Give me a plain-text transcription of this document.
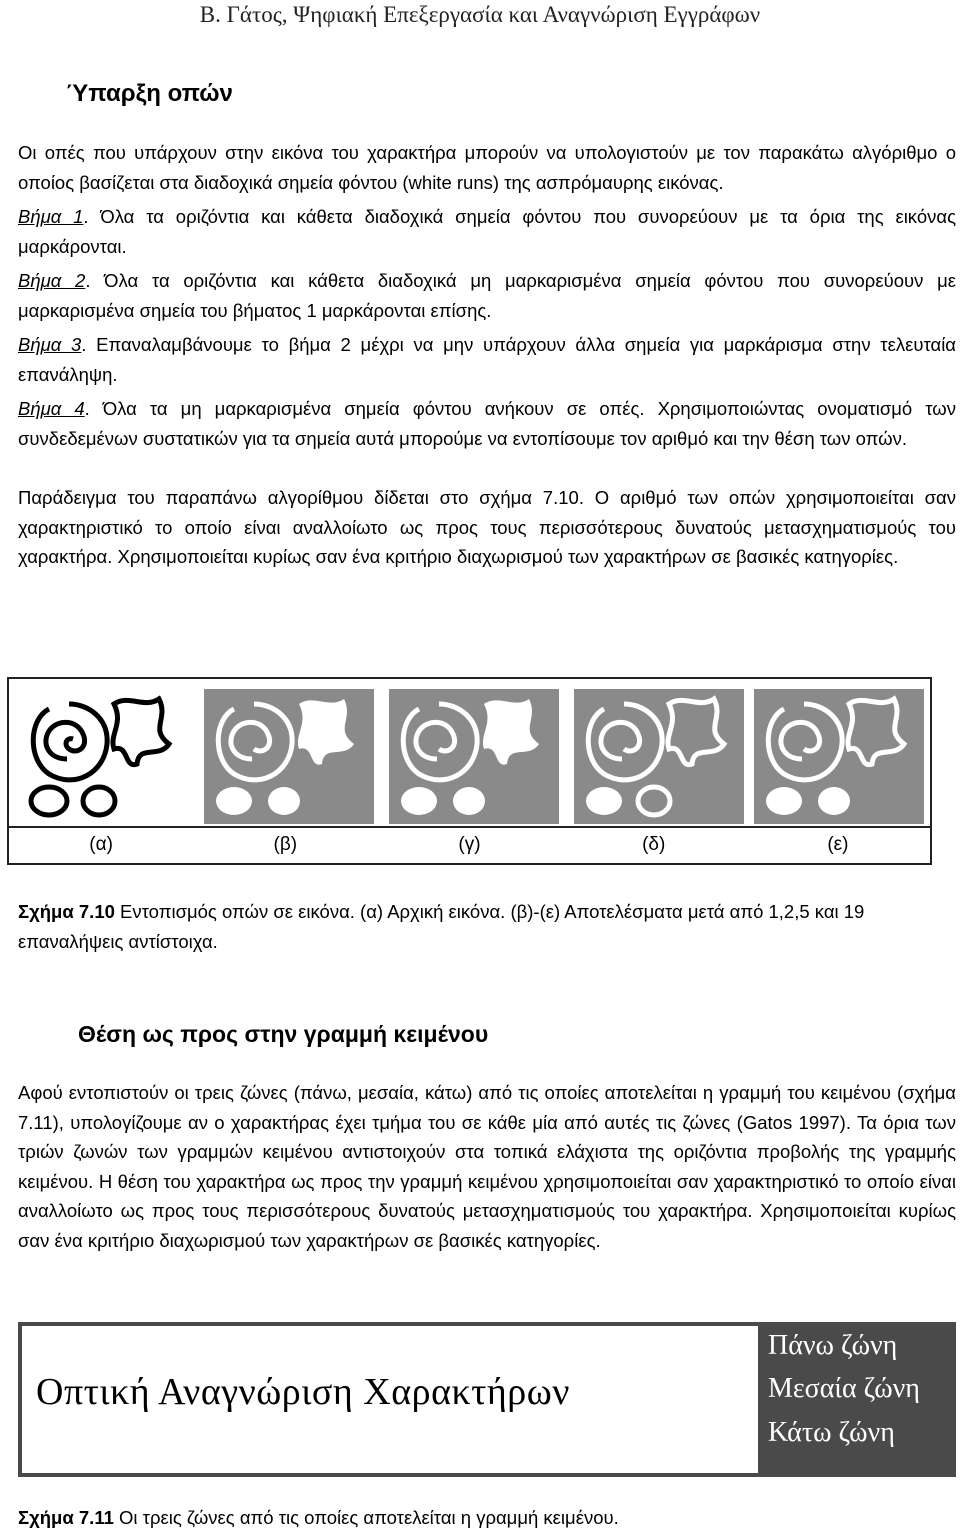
Β. Γάτος, Ψηφιακή Επεξεργασία και Αναγνώριση Εγγράφων
Ύπαρξη οπών

Οι οπές που υπάρχουν στην εικόνα του χαρακτήρα μπορούν να υπολογιστούν με τον παρακάτω αλγόριθμο ο οποίος βασίζεται στα διαδοχικά σημεία φόντου (white runs) της ασπρόμαυρης εικόνας.

Βήμα 1. Όλα τα οριζόντια και κάθετα διαδοχικά σημεία φόντου που συνορεύουν με τα όρια της εικόνας μαρκάρονται.

Βήμα 2. Όλα τα οριζόντια και κάθετα διαδοχικά μη μαρκαρισμένα σημεία φόντου που συνορεύουν με μαρκαρισμένα σημεία του βήματος 1 μαρκάρονται επίσης.

Βήμα 3. Επαναλαμβάνουμε το βήμα 2 μέχρι να μην υπάρχουν άλλα σημεία για μαρκάρισμα στην τελευταία επανάληψη.

Βήμα 4. Όλα τα μη μαρκαρισμένα σημεία φόντου ανήκουν σε οπές. Χρησιμοποιώντας ονοματισμό των συνδεδεμένων συστατικών για τα σημεία αυτά μπορούμε να εντοπίσουμε τον αριθμό και την θέση των οπών.

Παράδειγμα του παραπάνω αλγορίθμου δίδεται στο σχήμα 7.10. Ο αριθμό των οπών χρησιμοποιείται σαν χαρακτηριστικό το οποίο είναι αναλλοίωτο ως προς τους περισσότερους δυνατούς μετασχηματισμούς του χαρακτήρα. Χρησιμοποιείται κυρίως σαν ένα κριτήριο διαχωρισμού των χαρακτήρων σε βασικές κατηγορίες.

(α)	(β)	(γ)	(δ)	(ε)
Σχήμα 7.10 Εντοπισμός οπών σε εικόνα. (α) Αρχική εικόνα. (β)-(ε) Αποτελέσματα μετά από 1,2,5 και 19 επαναλήψεις αντίστοιχα.
Θέση ως προς στην γραμμή κειμένου

Αφού εντοπιστούν οι τρεις ζώνες (πάνω, μεσαία, κάτω) από τις οποίες αποτελείται η γραμμή του κειμένου (σχήμα 7.11), υπολογίζουμε αν ο χαρακτήρας έχει τμήμα του σε κάθε μία από αυτές τις ζώνες (Gatos 1997). Τα όρια των τριών ζωνών των γραμμών κειμένου αντιστοιχούν στα τοπικά ελάχιστα της οριζόντια προβολής της γραμμής κειμένου. Η θέση του χαρακτήρα ως προς την γραμμή κειμένου χρησιμοποιείται σαν χαρακτηριστικό το οποίο είναι αναλλοίωτο ως προς τους περισσότερους δυνατούς μετασχηματισμούς του χαρακτήρα. Χρησιμοποιείται κυρίως σαν ένα κριτήριο διαχωρισμού των χαρακτήρων σε βασικές κατηγορίες.

Οπτική Αναγνώριση Χαρακτήρων
Πάνω ζώνη
Μεσαία ζώνη
Κάτω ζώνη
Σχήμα 7.11 Οι τρεις ζώνες από τις οποίες αποτελείται η γραμμή κειμένου.
